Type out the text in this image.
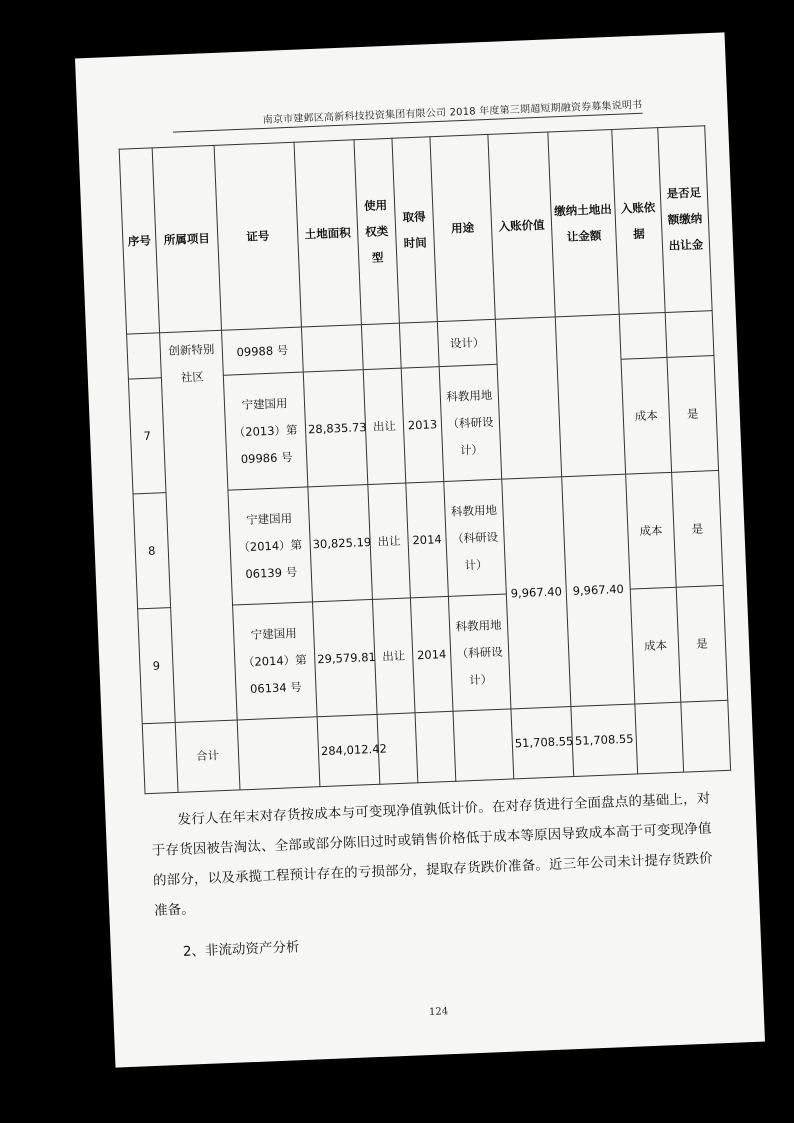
南京市建邺区高新科技投资集团有限公司 2018 年度第三期超短期融资券募集说明书
序号	所属项目	证号	土地面积	使用权类型	取得时间	用途	入账价值	缴纳土地出让金额	入账依据	是否足额缴纳出让金
	创新特别社区	09988 号				设计）				
7		宁建国用（2013）第09986 号	28,835.73	出让	2013	科教用地（科研设计）			成本	是
8		宁建国用（2014）第06139 号	30,825.19	出让	2014	科教用地（科研设计）	9,967.40	9,967.40	成本	是
9		宁建国用（2014）第06134 号	29,579.81	出让	2014	科教用地（科研设计）			成本	是
	合计		284,012.42				51,708.55	51,708.55		
发行人在年末对存货按成本与可变现净值孰低计价。在对存货进行全面盘点的基础上，对于存货因被告淘汰、全部或部分陈旧过时或销售价格低于成本等原因导致成本高于可变现净值的部分，以及承揽工程预计存在的亏损部分，提取存货跌价准备。近三年公司未计提存货跌价准备。
2、非流动资产分析
124
